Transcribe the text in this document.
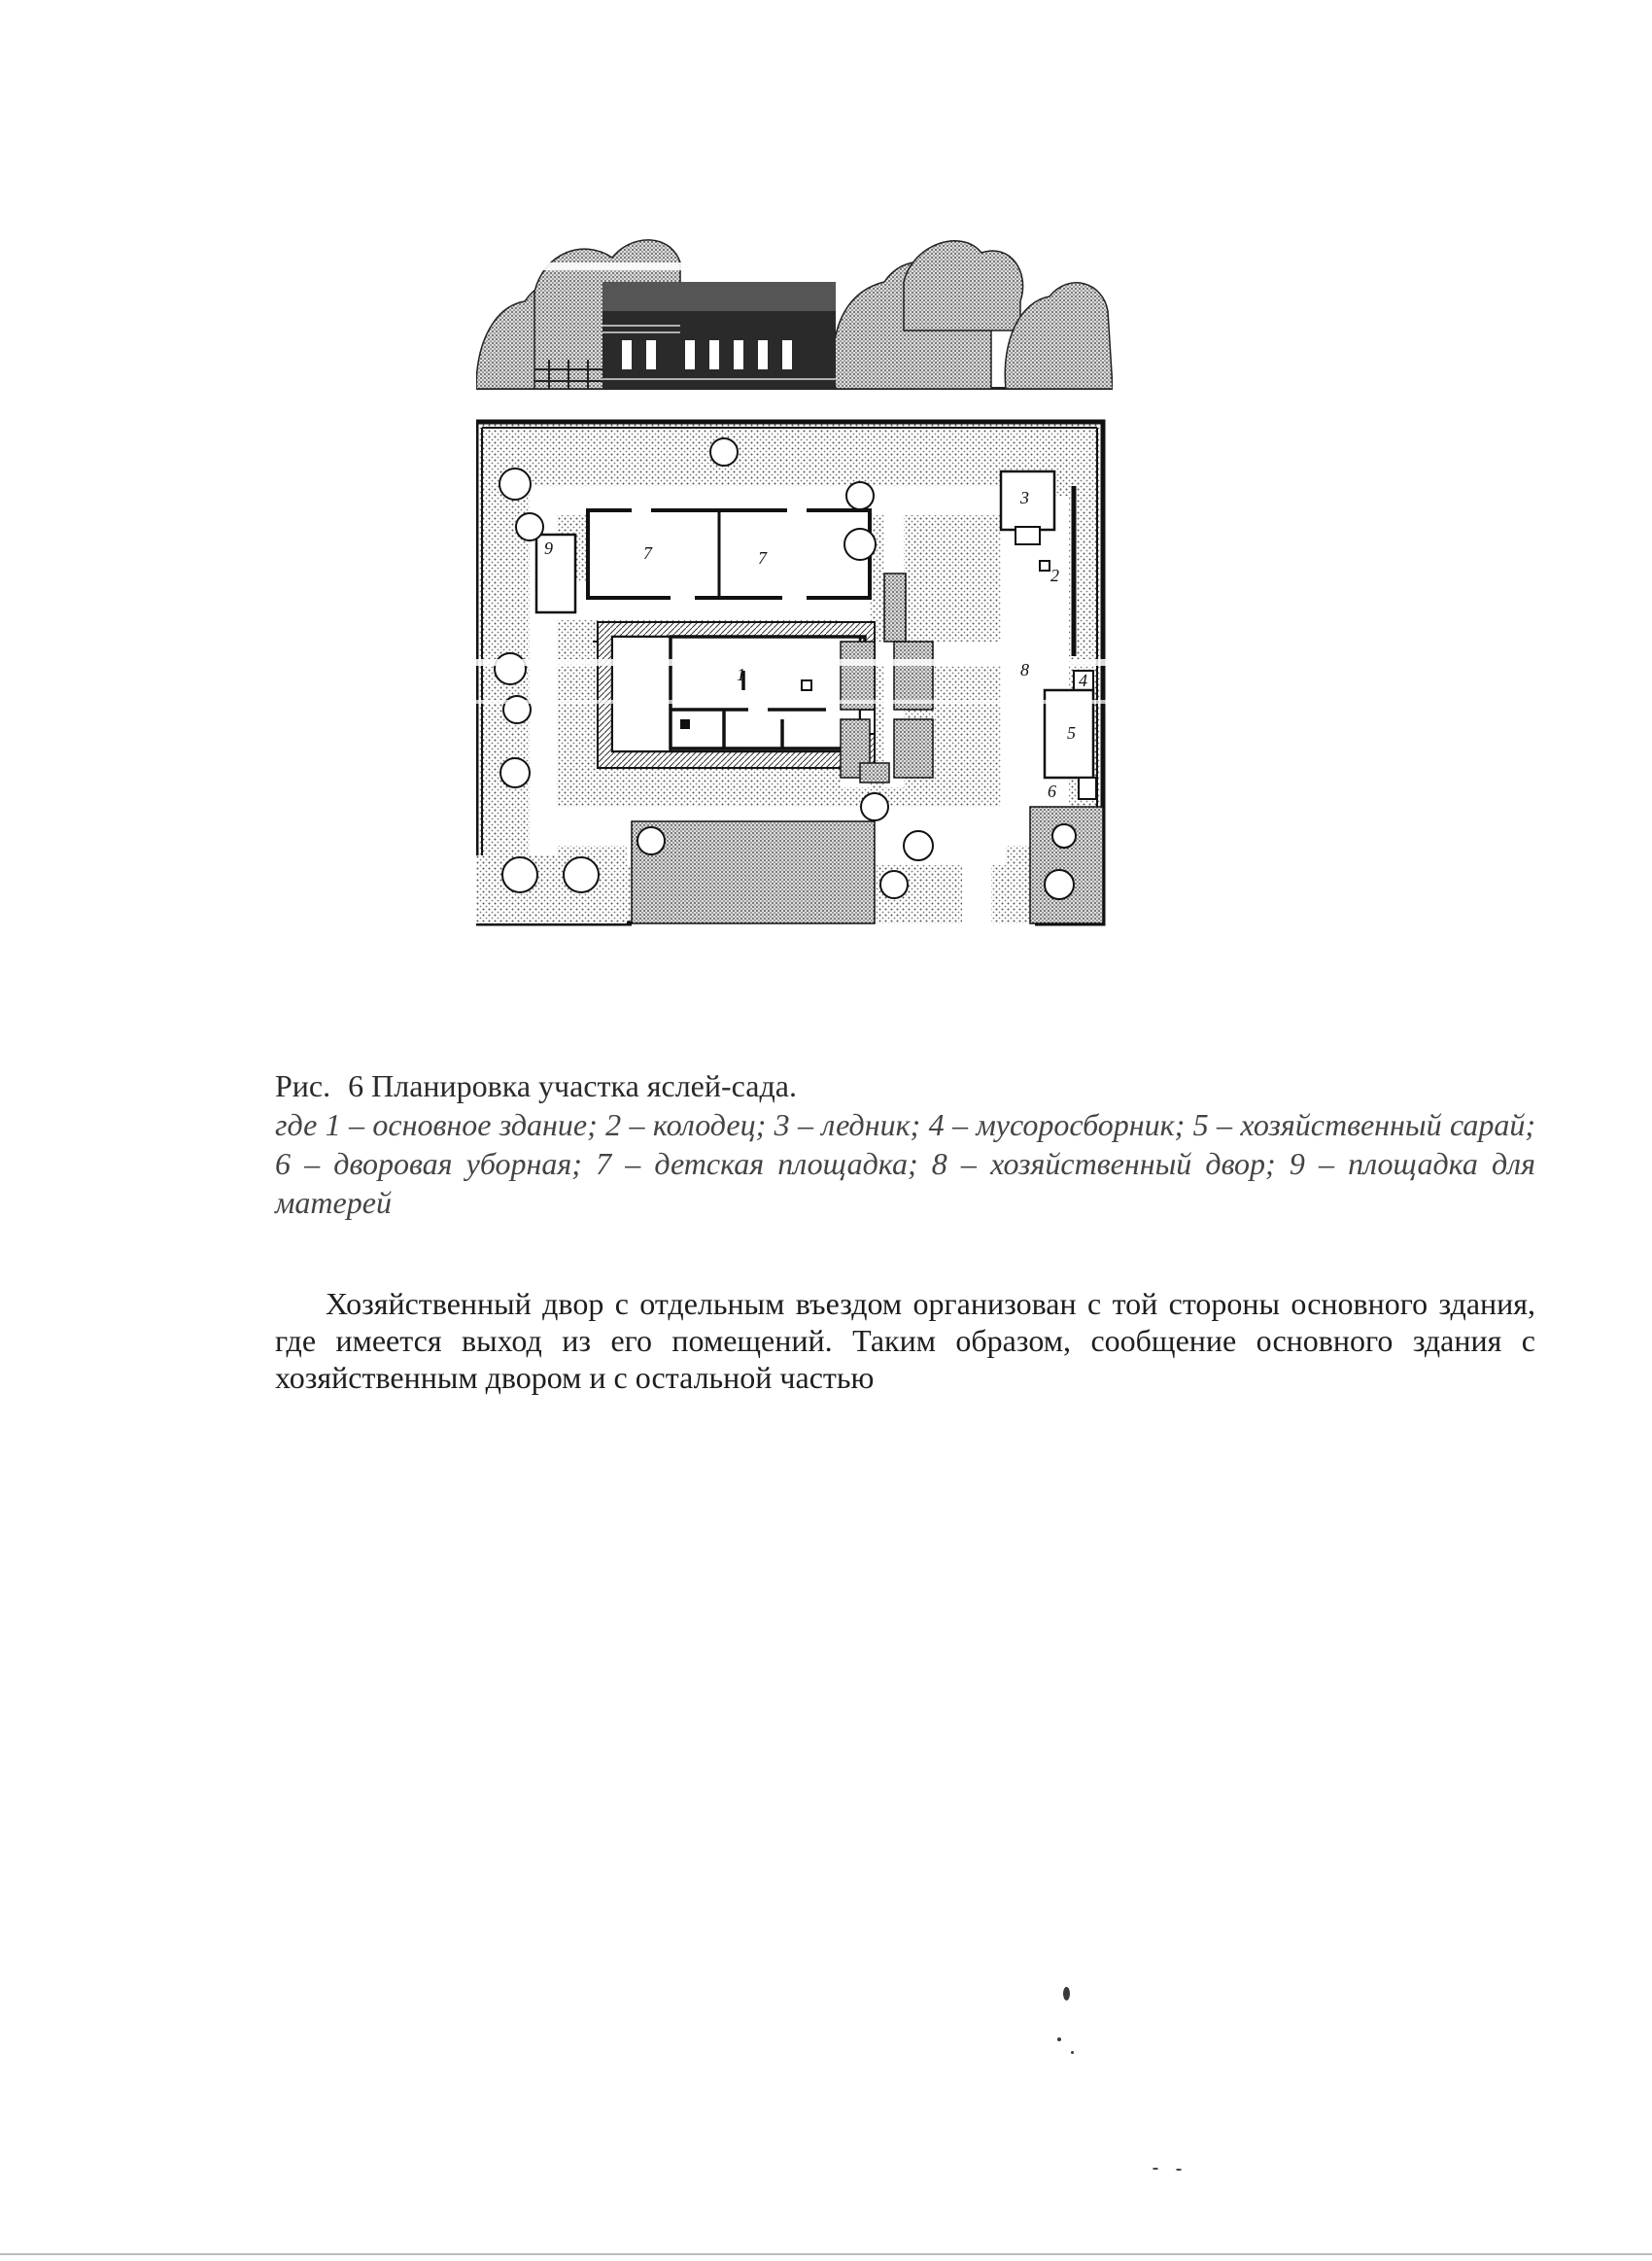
1
2
3
4
5
6
7	7
8
9
Рис. 6 Планировка участка яслей-сада.
где 1 – основное здание; 2 – колодец; 3 – ледник; 4 – мусоросборник; 5 – хозяйственный сарай; 6 – дворовая уборная; 7 – детская площадка; 8 – хозяйственный двор; 9 – площадка для матерей
Хозяйственный двор с отдельным въездом организован с той стороны основного здания, где имеется выход из его помещений. Таким образом, сообщение основного здания с хозяйственным двором и с остальной частью
